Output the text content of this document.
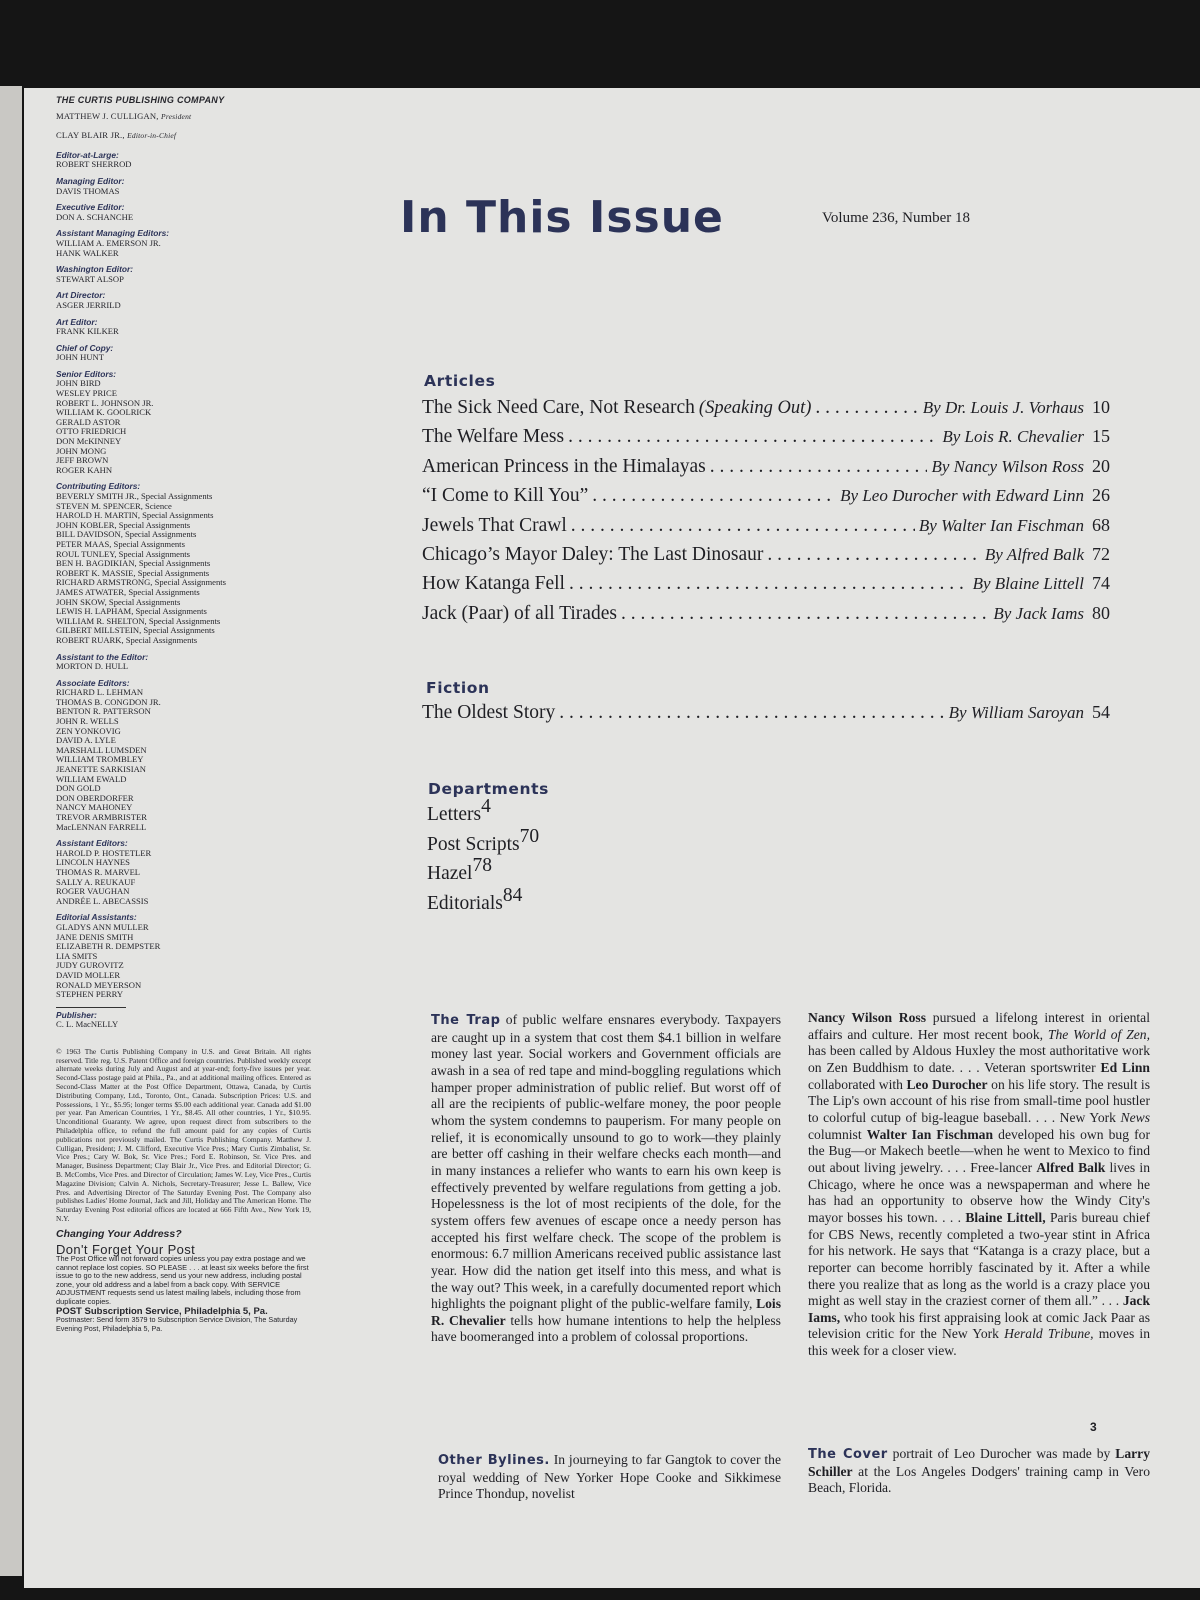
THE CURTIS PUBLISHING COMPANY
MATTHEW J. CULLIGAN, President
CLAY BLAIR JR., Editor-in-Chief
Editor-at-Large:
ROBERT SHERROD
Managing Editor:
DAVIS THOMAS
Executive Editor:
DON A. SCHANCHE
Assistant Managing Editors:
WILLIAM A. EMERSON JR.
HANK WALKER
Washington Editor:
STEWART ALSOP
Art Director:
ASGER JERRILD
Art Editor:
FRANK KILKER
Chief of Copy:
JOHN HUNT
Senior Editors:
JOHN BIRD
WESLEY PRICE
ROBERT L. JOHNSON JR.
WILLIAM K. GOOLRICK
GERALD ASTOR
OTTO FRIEDRICH
DON McKINNEY
JOHN MONG
JEFF BROWN
ROGER KAHN
Contributing Editors:
BEVERLY SMITH JR., Special Assignments
STEVEN M. SPENCER, Science
HAROLD H. MARTIN, Special Assignments
JOHN KOBLER, Special Assignments
BILL DAVIDSON, Special Assignments
PETER MAAS, Special Assignments
ROUL TUNLEY, Special Assignments
BEN H. BAGDIKIAN, Special Assignments
ROBERT K. MASSIE, Special Assignments
RICHARD ARMSTRONG, Special Assignments
JAMES ATWATER, Special Assignments
JOHN SKOW, Special Assignments
LEWIS H. LAPHAM, Special Assignments
WILLIAM R. SHELTON, Special Assignments
GILBERT MILLSTEIN, Special Assignments
ROBERT RUARK, Special Assignments
Assistant to the Editor:
MORTON D. HULL
Associate Editors:
RICHARD L. LEHMAN
THOMAS B. CONGDON JR.
BENTON R. PATTERSON
JOHN R. WELLS
ZEN YONKOVIG
DAVID A. LYLE
MARSHALL LUMSDEN
WILLIAM TROMBLEY
JEANETTE SARKISIAN
WILLIAM EWALD
DON GOLD
DON OBERDORFER
NANCY MAHONEY
TREVOR ARMBRISTER
MacLENNAN FARRELL
Assistant Editors:
HAROLD P. HOSTETLER
LINCOLN HAYNES
THOMAS R. MARVEL
SALLY A. REUKAUF
ROGER VAUGHAN
ANDRÉE L. ABECASSIS
Editorial Assistants:
GLADYS ANN MULLER
JANE DENIS SMITH
ELIZABETH R. DEMPSTER
LIA SMITS
JUDY GUROVITZ
DAVID MOLLER
RONALD MEYERSON
STEPHEN PERRY
Publisher:
C. L. MacNELLY
© 1963 The Curtis Publishing Company in U.S. and Great Britain. All rights reserved. Title reg. U.S. Patent Office and foreign countries. Published weekly except alternate weeks during July and August and at year-end; forty-five issues per year. Second-Class postage paid at Phila., Pa., and at additional mailing offices. Entered as Second-Class Matter at the Post Office Department, Ottawa, Canada, by Curtis Distributing Company, Ltd., Toronto, Ont., Canada. Subscription Prices: U.S. and Possessions, 1 Yr., $5.95; longer terms $5.00 each additional year. Canada add $1.00 per year. Pan American Countries, 1 Yr., $8.45. All other countries, 1 Yr., $10.95. Unconditional Guaranty. We agree, upon request direct from subscribers to the Philadelphia office, to refund the full amount paid for any copies of Curtis publications not previously mailed. The Curtis Publishing Company. Matthew J. Culligan, President; J. M. Clifford, Executive Vice Pres.; Mary Curtis Zimbalist, Sr. Vice Pres.; Cary W. Bok, Sr. Vice Pres.; Ford E. Robinson, Sr. Vice Pres. and Manager, Business Department; Clay Blair Jr., Vice Pres. and Editorial Director; G. B. McCombs, Vice Pres. and Director of Circulation; James W. Ley, Vice Pres., Curtis Magazine Division; Calvin A. Nichols, Secretary-Treasurer; Jesse L. Ballew, Vice Pres. and Advertising Director of The Saturday Evening Post. The Company also publishes Ladies' Home Journal, Jack and Jill, Holiday and The American Home. The Saturday Evening Post editorial offices are located at 666 Fifth Ave., New York 19, N.Y.
Changing Your Address?
Don't Forget Your Post
The Post Office will not forward copies unless you pay extra postage and we cannot replace lost copies. SO PLEASE . . . at least six weeks before the first issue to go to the new address, send us your new address, including postal zone, your old address and a label from a back copy. With SERVICE ADJUSTMENT requests send us latest mailing labels, including those from duplicate copies.
POST Subscription Service, Philadelphia 5, Pa.
Postmaster: Send form 3579 to Subscription Service Division, The Saturday Evening Post, Philadelphia 5, Pa.
In This Issue	Volume 236, Number 18
Articles
The Sick Need Care, Not Research (Speaking Out) . . .	By Dr. Louis J. Vorhaus 10
The Welfare Mess . . .	By Lois R. Chevalier 15
American Princess in the Himalayas . . .	By Nancy Wilson Ross 20
“I Come to Kill You” . . .	By Leo Durocher with Edward Linn 26
Jewels That Crawl . . .	By Walter Ian Fischman 68
Chicago’s Mayor Daley: The Last Dinosaur . . .	By Alfred Balk 72
How Katanga Fell . . .	By Blaine Littell 74
Jack (Paar) of all Tirades . . .	By Jack Iams 80
Fiction
The Oldest Story . . .	By William Saroyan 54
Departments
Letters 4
Post Scripts 70
Hazel 78
Editorials 84
The Trap of public welfare ensnares everybody. Taxpayers are caught up in a system that cost them $4.1 billion in welfare money last year. Social workers and Government officials are awash in a sea of red tape and mind-boggling regulations which hamper proper administration of public relief. But worst off of all are the recipients of public-welfare money, the poor people whom the system condemns to pauperism. For many people on relief, it is economically unsound to go to work—they plainly are better off cashing in their welfare checks each month—and in many instances a reliefer who wants to earn his own keep is effectively prevented by welfare regulations from getting a job. Hopelessness is the lot of most recipients of the dole, for the system offers few avenues of escape once a needy person has accepted his first welfare check. The scope of the problem is enormous: 6.7 million Americans received public assistance last year. How did the nation get itself into this mess, and what is the way out? This week, in a carefully documented report which highlights the poignant plight of the public-welfare family, Lois R. Chevalier tells how humane intentions to help the helpless have boomeranged into a problem of colossal proportions.
Other Bylines. In journeying to far Gangtok to cover the royal wedding of New Yorker Hope Cooke and Sikkimese Prince Thondup, novelist
Nancy Wilson Ross pursued a lifelong interest in oriental affairs and culture. Her most recent book, The World of Zen, has been called by Aldous Huxley the most authoritative work on Zen Buddhism to date. . . . Veteran sportswriter Ed Linn collaborated with Leo Durocher on his life story. The result is The Lip's own account of his rise from small-time pool hustler to colorful cutup of big-league baseball. . . . New York News columnist Walter Ian Fischman developed his own bug for the Bug—or Makech beetle—when he went to Mexico to find out about living jewelry. . . . Free-lancer Alfred Balk lives in Chicago, where he once was a newspaperman and where he has had an opportunity to observe how the Windy City's mayor bosses his town. . . . Blaine Littell, Paris bureau chief for CBS News, recently completed a two-year stint in Africa for his network. He says that “Katanga is a crazy place, but a reporter can become horribly fascinated by it. After a while there you realize that as long as the world is a crazy place you might as well stay in the craziest corner of them all.” . . . Jack Iams, who took his first appraising look at comic Jack Paar as television critic for the New York Herald Tribune, moves in this week for a closer view.
The Cover portrait of Leo Durocher was made by Larry Schiller at the Los Angeles Dodgers' training camp in Vero Beach, Florida.
3
